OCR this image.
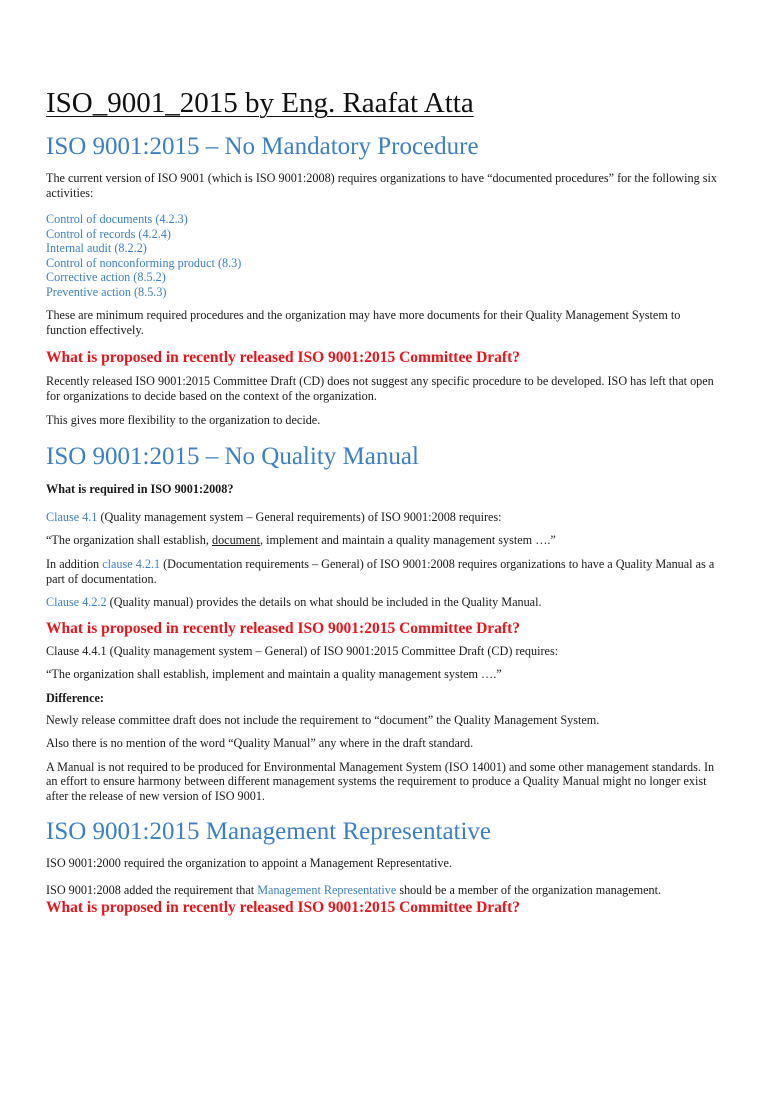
ISO_9001_2015 by Eng. Raafat Atta
ISO 9001:2015 – No Mandatory Procedure

The current version of ISO 9001 (which is ISO 9001:2008) requires organizations to have “documented procedures” for the following six activities:

Control of documents (4.2.3)
Control of records (4.2.4)
Internal audit (8.2.2)
Control of nonconforming product (8.3)
Corrective action (8.5.2)
Preventive action (8.5.3)

These are minimum required procedures and the organization may have more documents for their Quality Management System to function effectively.

What is proposed in recently released ISO 9001:2015 Committee Draft?

Recently released ISO 9001:2015 Committee Draft (CD) does not suggest any specific procedure to be developed. ISO has left that open for organizations to decide based on the context of the organization.

This gives more flexibility to the organization to decide.

ISO 9001:2015 – No Quality Manual

What is required in ISO 9001:2008?

Clause 4.1 (Quality management system – General requirements) of ISO 9001:2008 requires:

“The organization shall establish, document, implement and maintain a quality management system ….”

In addition clause 4.2.1 (Documentation requirements – General) of ISO 9001:2008 requires organizations to have a Quality Manual as a part of documentation.

Clause 4.2.2 (Quality manual) provides the details on what should be included in the Quality Manual.

What is proposed in recently released ISO 9001:2015 Committee Draft?

Clause 4.4.1 (Quality management system – General) of ISO 9001:2015 Committee Draft (CD) requires:

“The organization shall establish, implement and maintain a quality management system ….”

Difference:

Newly release committee draft does not include the requirement to “document” the Quality Management System.

Also there is no mention of the word “Quality Manual” any where in the draft standard.

A Manual is not required to be produced for Environmental Management System (ISO 14001) and some other management standards. In an effort to ensure harmony between different management systems the requirement to produce a Quality Manual might no longer exist after the release of new version of ISO 9001.

ISO 9001:2015 Management Representative

ISO 9001:2000 required the organization to appoint a Management Representative.

ISO 9001:2008 added the requirement that Management Representative should be a member of the organization management.

What is proposed in recently released ISO 9001:2015 Committee Draft?
